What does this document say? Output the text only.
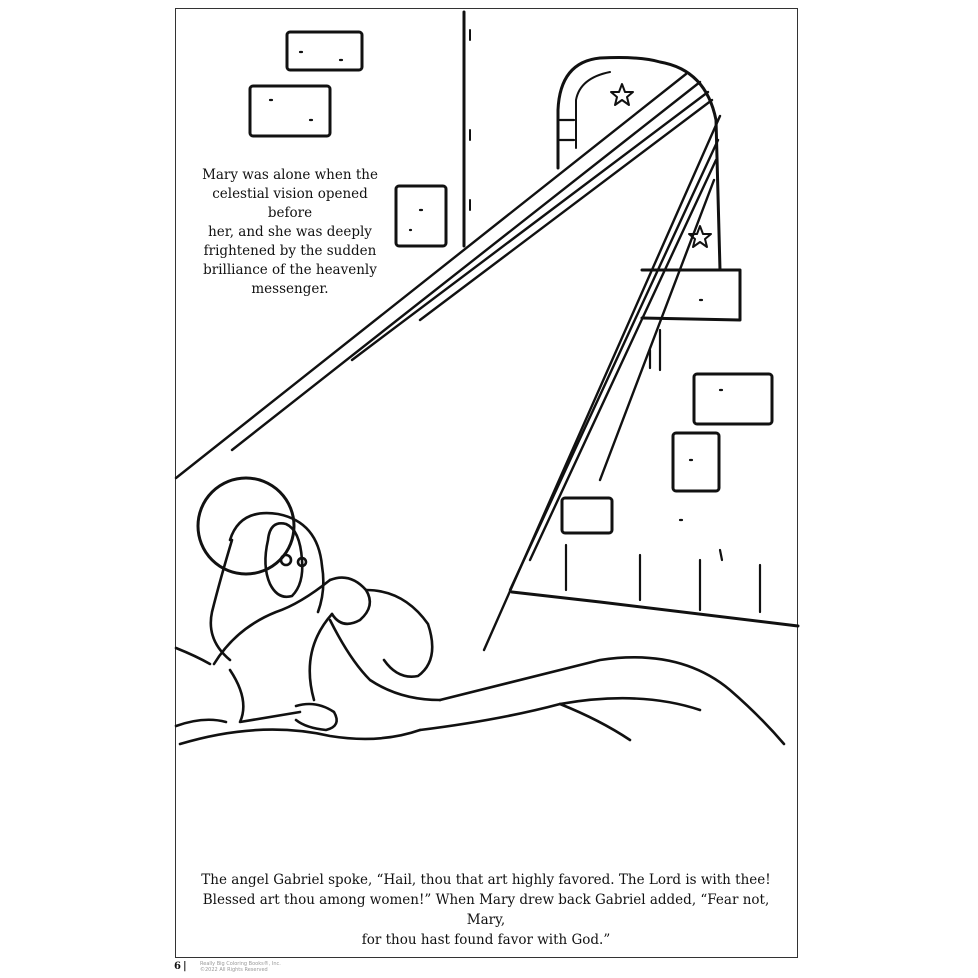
Mary was alone when the
celestial vision opened before
her, and she was deeply
frightened by the sudden
brilliance of the heavenly
messenger.
The angel Gabriel spoke, “Hail, thou that art highly favored. The Lord is with thee!
Blessed art thou among women!” When Mary drew back Gabriel added, “Fear not, Mary,
for thou hast found favor with God.”
6 |	Really Big Coloring Books®, Inc.
©2022 All Rights Reserved
